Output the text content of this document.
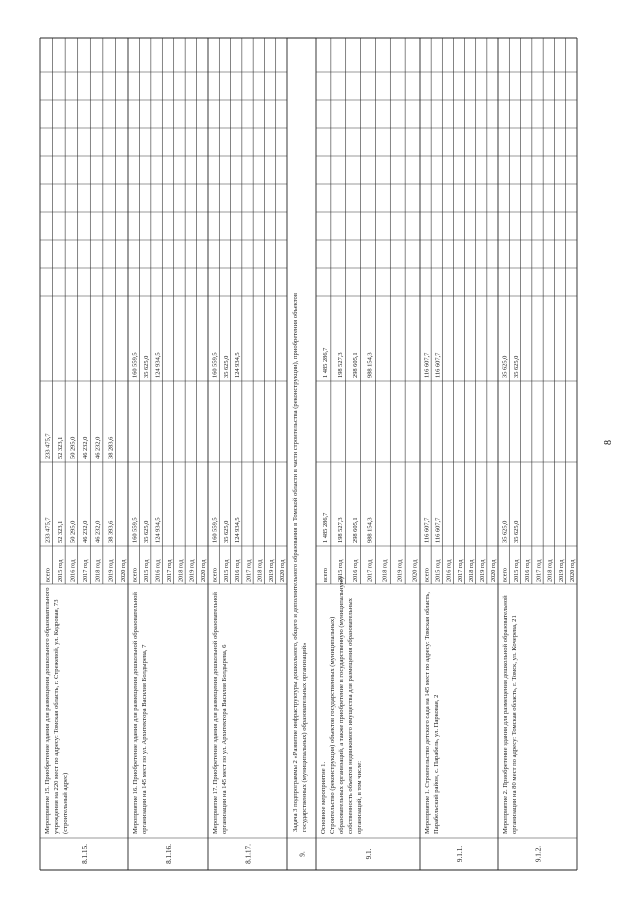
8.1.15.
Мероприятие 15. Приобретение здания для размещения дошкольного образовательного учреждения на 220 мест по адресу: Томская область, г. Стрежевой, ул. Кедровая, 73 (строительный адрес)
всего
233 475,7
233 475,7
2015 год
52 323,1
52 323,1
2016 год
50 295,0
50 295,0
2017 год
46 232,0
46 232,0
2018 год
46 232,0
46 232,0
2019 год
38 393,6
38 283,6
2020 год
8.1.16.
Мероприятие 16. Приобретение здания для размещения дошкольной образовательной организации на 145 мест по ул. Архитектора Василия Болдырева, 7
всего
160 559,5
160 559,5
2015 год
35 625,0
35 625,0
2016 год
124 934,5
124 934,5
2017 год 2018 год 2019 год 2020 год
8.1.17.
Мероприятие 17. Приобретение здания для размещения дошкольной образовательной организации на 145 мест по ул. Архитектора Василия Болдырева, 6
всего
160 559,5
160 559,5
2015 год
35 625,0
35 625,0
2016 год
124 934,5
124 934,5
2017 год 2018 год 2019 год 2020 год
9.
Задача 3 подпрограммы 2 «Развитие инфраструктуры дошкольного, общего и дополнительного образования в Томской области в части строительства (реконструкции), приобретения объектов государственных (муниципальных) образовательных организаций»
9.1.
Основное мероприятие 1. Строительство (реконструкция) объектов государственных (муниципальных) образовательных организаций, а также приобретение в государственную (муниципальную) собственность объектов недвижимого имущества для размещения образовательных организаций, в том числе:
всего
1 485 286,7
1 485 286,7
2015 год
198 527,3
198 527,3
2016 год
298 605,1
298 605,1
2017 год
988 154,3
988 154,3
2018 год 2019 год 2020 год
9.1.1.
Мероприятие 1. Строительство детского сада на 145 мест по адресу: Томская область, Парабельский район, с. Парабель, ул. Парковая, 2
всего
116 607,7
116 607,7
2015 год
116 607,7
116 607,7
2016 год 2017 год 2018 год 2019 год 2020 год
9.1.2.
Мероприятие 2. Приобретение здания для размещения дошкольной образовательной организации на 80 мест по адресу: Томская область, г. Томск, ул. Кочерева, 21
всего
35 625,0
35 625,0
2015 год
35 625,0
35 625,0
2016 год 2017 год 2018 год 2019 год 2020 год
8
